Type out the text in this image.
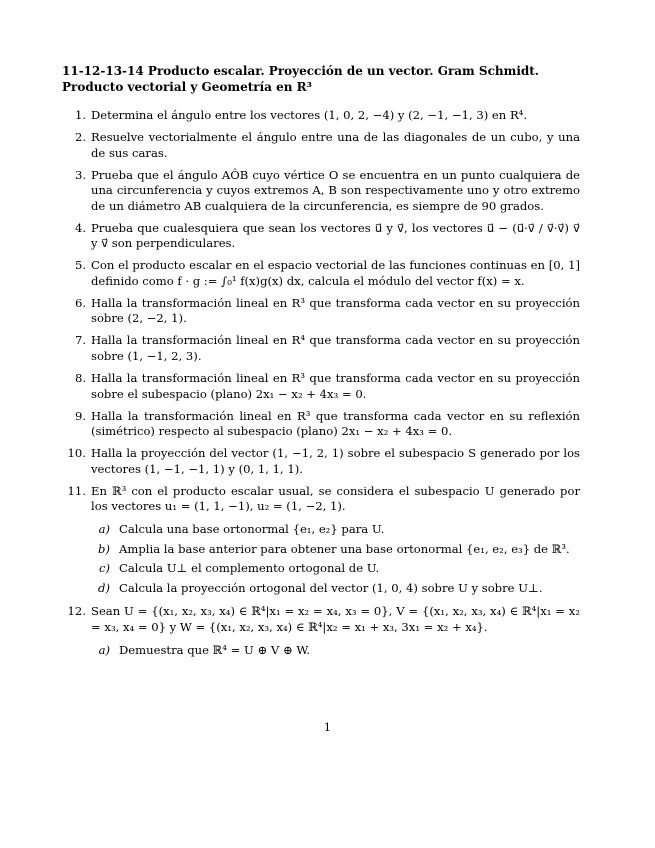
11-12-13-14 Producto escalar. Proyección de un vector. Gram Schmidt. Producto vectorial y Geometría en R³
1. Determina el ángulo entre los vectores (1, 0, 2, −4) y (2, −1, −1, 3) en R⁴.
2. Resuelve vectorialmente el ángulo entre una de las diagonales de un cubo, y una de sus caras.
3. Prueba que el ángulo AÔB cuyo vértice O se encuentra en un punto cualquiera de una circunferencia y cuyos extremos A, B son respectivamente uno y otro extremo de un diámetro AB cualquiera de la circunferencia, es siempre de 90 grados.
4. Prueba que cualesquiera que sean los vectores u⃗ y v⃗, los vectores u⃗ − (u⃗·v⃗ / v⃗·v⃗) v⃗ y v⃗ son perpendiculares.
5. Con el producto escalar en el espacio vectorial de las funciones continuas en [0, 1] definido como f · g := ∫₀¹ f(x)g(x) dx, calcula el módulo del vector f(x) = x.
6. Halla la transformación lineal en R³ que transforma cada vector en su proyección sobre (2, −2, 1).
7. Halla la transformación lineal en R⁴ que transforma cada vector en su proyección sobre (1, −1, 2, 3).
8. Halla la transformación lineal en R³ que transforma cada vector en su proyección sobre el subespacio (plano) 2x₁ − x₂ + 4x₃ = 0.
9. Halla la transformación lineal en R³ que transforma cada vector en su reflexión (simétrico) respecto al subespacio (plano) 2x₁ − x₂ + 4x₃ = 0.
10. Halla la proyección del vector (1, −1, 2, 1) sobre el subespacio S generado por los vectores (1, −1, −1, 1) y (0, 1, 1, 1).
11. En ℝ³ con el producto escalar usual, se considera el subespacio U generado por los vectores u₁ = (1, 1, −1), u₂ = (1, −2, 1).
a) Calcula una base ortonormal {e₁, e₂} para U.
b) Amplia la base anterior para obtener una base ortonormal {e₁, e₂, e₃} de ℝ³.
c) Calcula U⊥ el complemento ortogonal de U.
d) Calcula la proyección ortogonal del vector (1, 0, 4) sobre U y sobre U⊥.
12. Sean U = {(x₁, x₂, x₃, x₄) ∈ ℝ⁴|x₁ = x₂ = x₄, x₃ = 0}, V = {(x₁, x₂, x₃, x₄) ∈ ℝ⁴|x₁ = x₂ = x₃, x₄ = 0} y W = {(x₁, x₂, x₃, x₄) ∈ ℝ⁴|x₂ = x₁ + x₃, 3x₁ = x₂ + x₄}.
a) Demuestra que ℝ⁴ = U ⊕ V ⊕ W.
1
